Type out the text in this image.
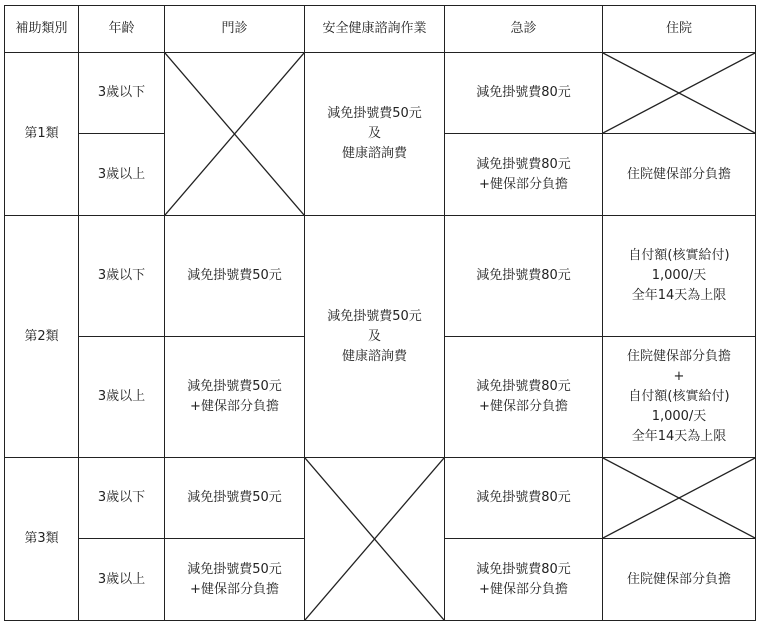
補助類別	年齡	門診	安全健康諮詢作業	急診	住院
第1類	3歲以下		減免掛號費50元
及
健康諮詢費	減免掛號費80元

	3歲以上			減免掛號費80元
+健保部分負擔	住院健保部分負擔

第2類	3歲以下	減免掛號費50元	減免掛號費50元
及
健康諮詢費	減免掛號費80元	自付額(核實給付)
1,000/天
全年14天為上限

	3歲以上	減免掛號費50元
+健保部分負擔		減免掛號費80元
+健保部分負擔	住院健保部分負擔
+
自付額(核實給付)
1,000/天
全年14天為上限

第3類	3歲以下	減免掛號費50元		減免掛號費80元

	3歲以上	減免掛號費50元
+健保部分負擔		減免掛號費80元
+健保部分負擔	住院健保部分負擔
